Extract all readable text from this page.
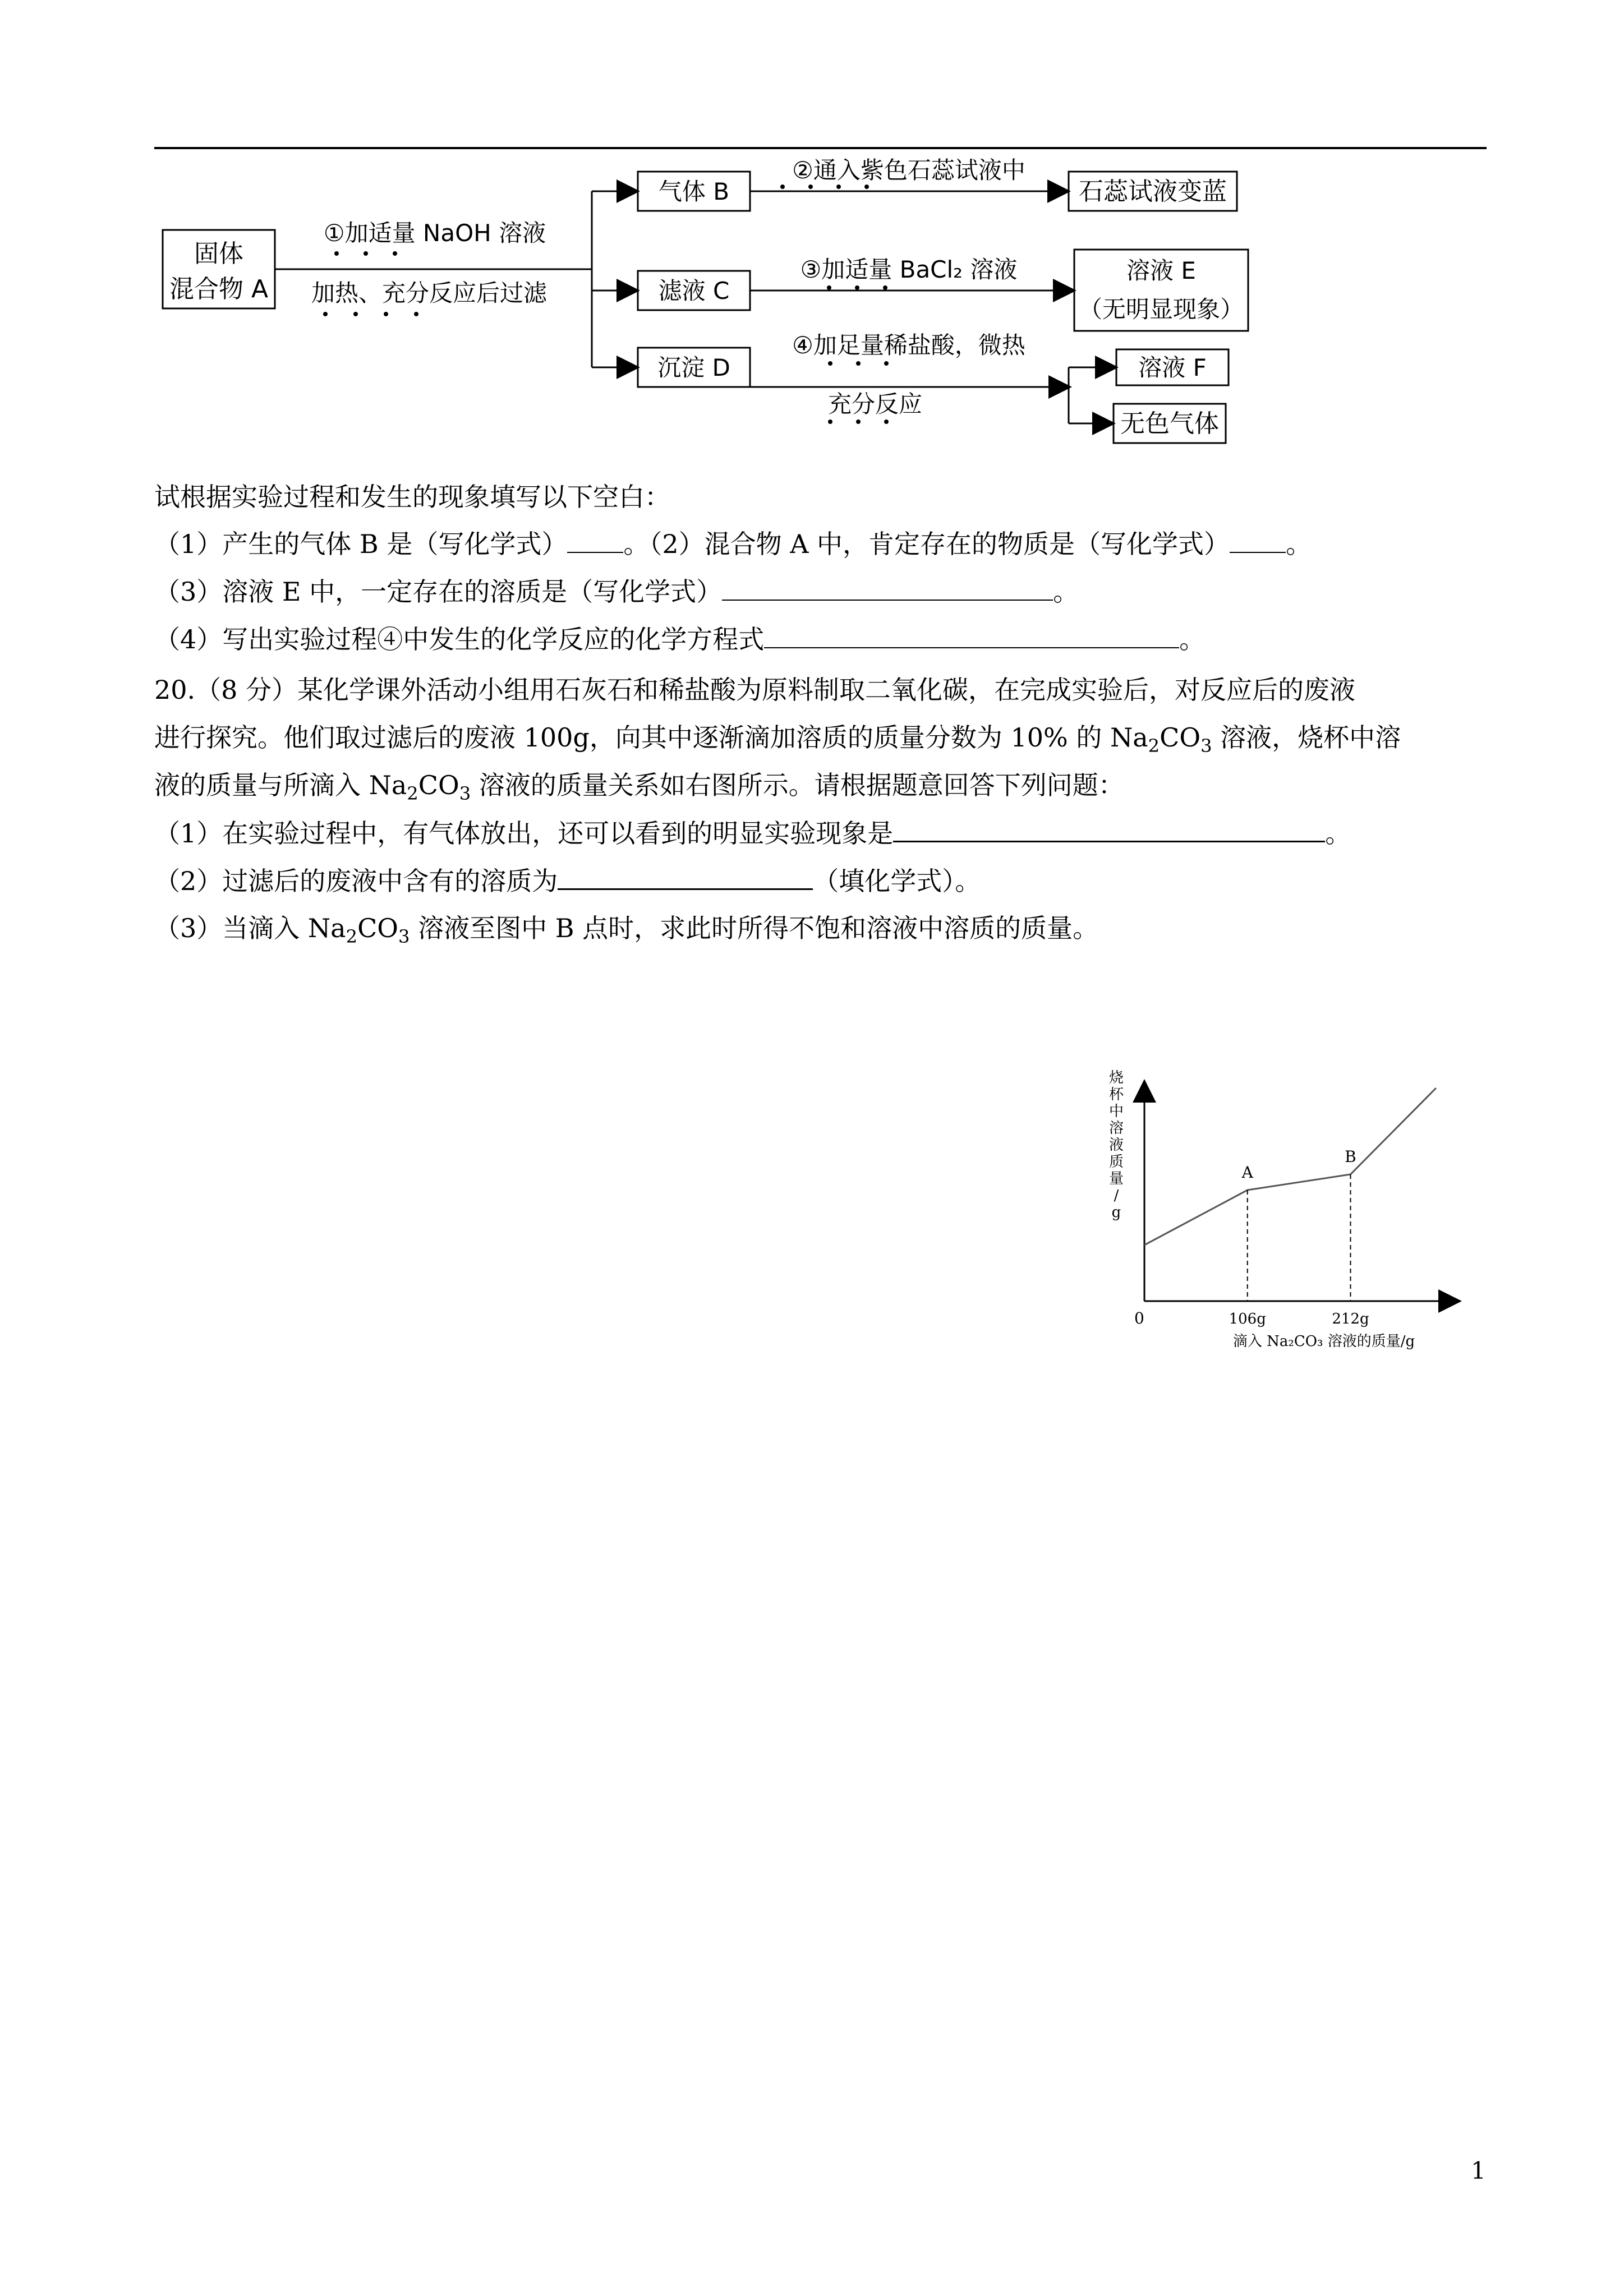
固体
混合物 A
气体 B
滤液 C
沉淀 D
石蕊试液变蓝
溶液 E
（无明显现象）
溶液 F
无色气体
①加适量 NaOH 溶液
加热、充分反应后过滤
②通入紫色石蕊试液中
③加适量 BaCl₂ 溶液
④加足量稀盐酸，微热
充分反应
试根据实验过程和发生的现象填写以下空白：
（1）产生的气体 B 是（写化学式） 。（2）混合物 A 中，肯定存在的物质是（写化学式） 。
（3）溶液 E 中，一定存在的溶质是（写化学式）	。
（4）写出实验过程④中发生的化学反应的化学方程式	。
20.（8 分）某化学课外活动小组用石灰石和稀盐酸为原料制取二氧化碳，在完成实验后，对反应后的废液
进行探究。他们取过滤后的废液 100g，向其中逐渐滴加溶质的质量分数为 10% 的 $Na_2CO_3$ 溶液，烧杯中溶
液的质量与所滴入 $Na_2CO_3$ 溶液的质量关系如右图所示。请根据题意回答下列问题：
（1）在实验过程中，有气体放出，还可以看到的明显实验现象是	。
（2）过滤后的废液中含有的溶质为	（填化学式）。
（3）当滴入 $Na_2CO_3$ 溶液至图中 B 点时，求此时所得不饱和溶液中溶质的质量。
0
烧
杯
中
溶
液
质
量
/
g
滴入 Na₂CO₃ 溶液的质量/g
A
B
106g	212g
1
